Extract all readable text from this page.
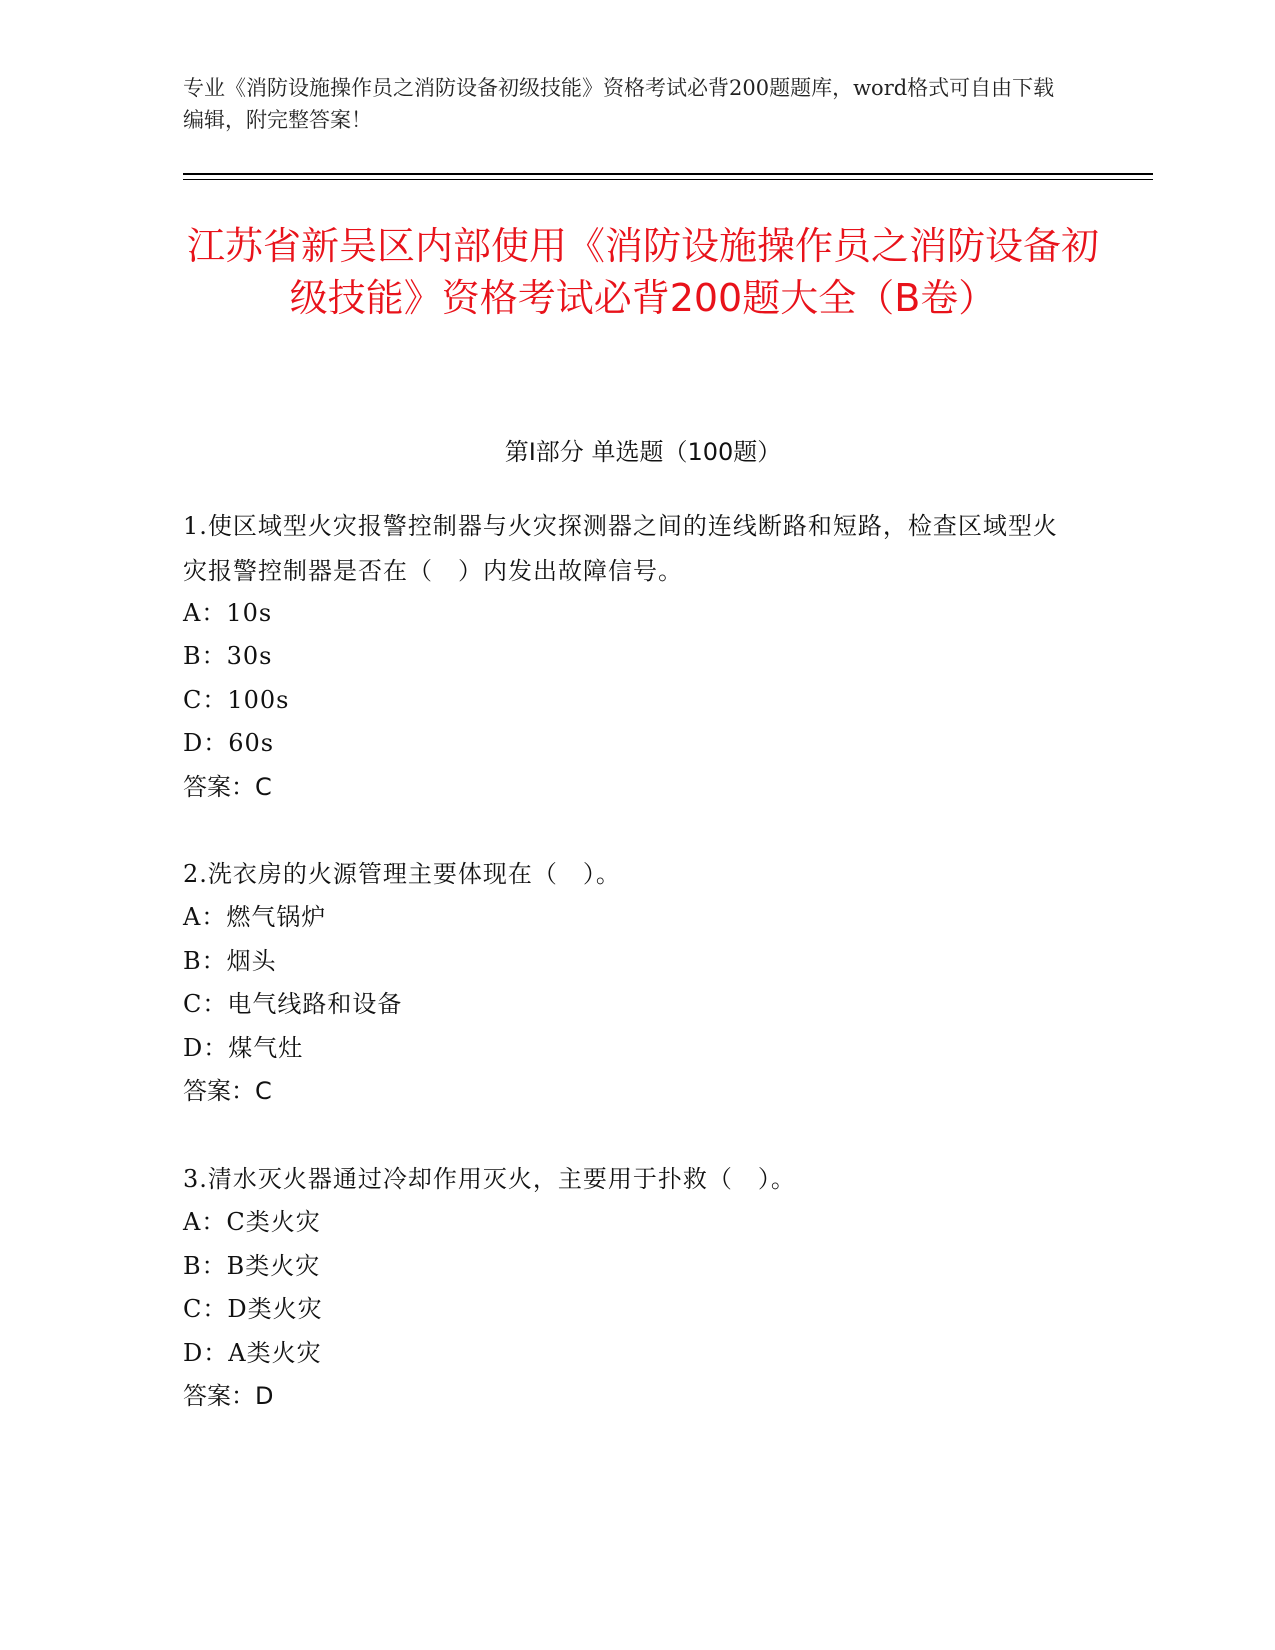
专业《消防设施操作员之消防设备初级技能》资格考试必背200题题库，word格式可自由下载编辑，附完整答案！
江苏省新吴区内部使用《消防设施操作员之消防设备初级技能》资格考试必背200题大全（B卷）
第I部分 单选题（100题）
1.使区域型火灾报警控制器与火灾探测器之间的连线断路和短路，检查区域型火灾报警控制器是否在（　）内发出故障信号。
A：10s
B：30s
C：100s
D：60s
答案：C
2.洗衣房的火源管理主要体现在（　）。
A：燃气锅炉
B：烟头
C：电气线路和设备
D：煤气灶
答案：C
3.清水灭火器通过冷却作用灭火，主要用于扑救（　）。
A：C类火灾
B：B类火灾
C：D类火灾
D：A类火灾
答案：D
